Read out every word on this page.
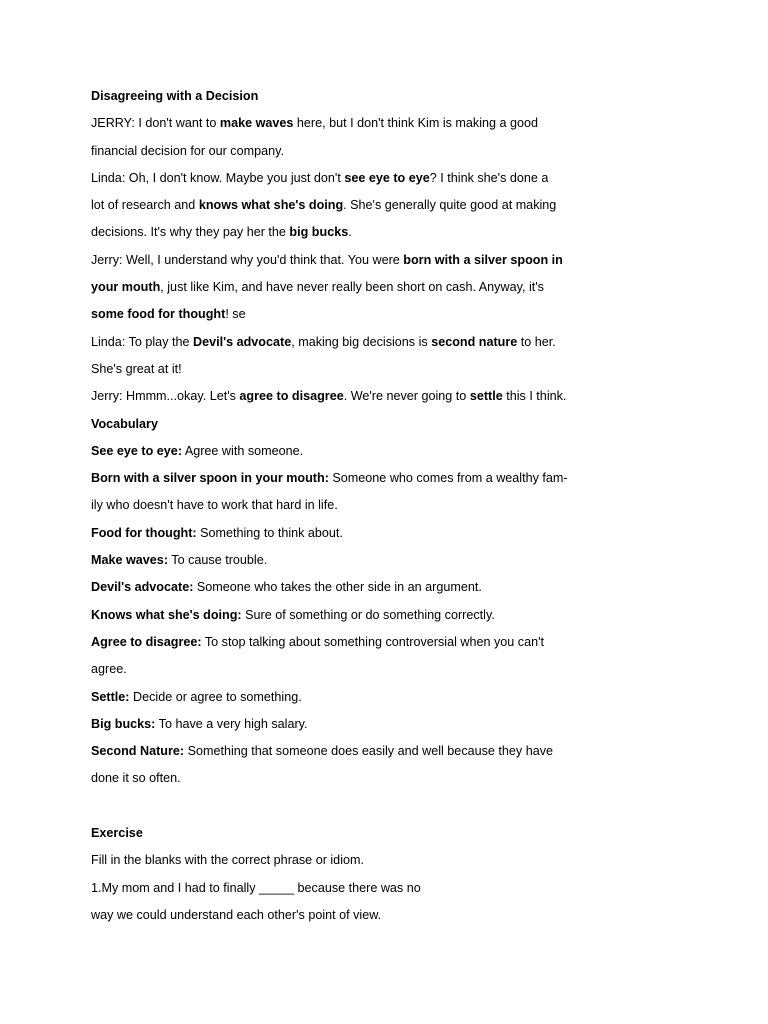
Disagreeing with a Decision

JERRY: I don't want to make waves here, but I don't think Kim is making a good

financial decision for our company.

Linda: Oh, I don't know. Maybe you just don't see eye to eye? I think she's done a

lot of research and knows what she's doing. She's generally quite good at making

decisions. It's why they pay her the big bucks.

Jerry: Well, I understand why you'd think that. You were born with a silver spoon in

your mouth, just like Kim, and have never really been short on cash. Anyway, it's

some food for thought! se

Linda: To play the Devil's advocate, making big decisions is second nature to her.

She's great at it!

Jerry: Hmmm...okay. Let's agree to disagree. We're never going to settle this I think.

Vocabulary

See eye to eye: Agree with someone.

Born with a silver spoon in your mouth: Someone who comes from a wealthy fam-

ily who doesn't have to work that hard in life.

Food for thought: Something to think about.

Make waves: To cause trouble.

Devil's advocate: Someone who takes the other side in an argument.

Knows what she's doing: Sure of something or do something correctly.

Agree to disagree: To stop talking about something controversial when you can't

agree.

Settle: Decide or agree to something.

Big bucks: To have a very high salary.

Second Nature: Something that someone does easily and well because they have

done it so often.

Exercise

Fill in the blanks with the correct phrase or idiom.

1.My mom and I had to finally _____ because there was no

way we could understand each other's point of view.
